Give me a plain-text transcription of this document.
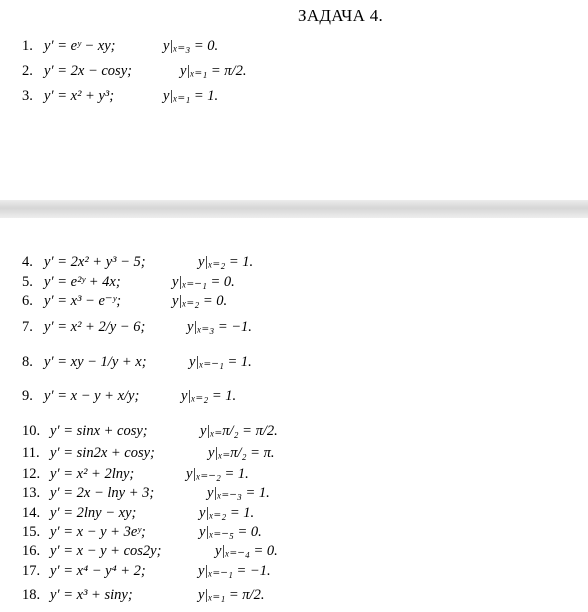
ЗАДАЧА 4.
1. y′ = eʸ − xy;	y|ₓ₌₃ = 0.
2. y′ = 2x − cosy;	y|ₓ₌₁ = π/2.
3. y′ = x² + y³;	y|ₓ₌₁ = 1.
4. y′ = 2x² + y³ − 5;	y|ₓ₌₂ = 1.
5. y′ = e²ʸ + 4x;	y|ₓ₌₋₁ = 0.
6. y′ = x³ − e⁻ʸ;	y|ₓ₌₂ = 0.
7. y′ = x² + 2/y − 6;	y|ₓ₌₃ = −1.
8. y′ = xy − 1/y + x;	y|ₓ₌₋₁ = 1.
9. y′ = x − y + x/y;	y|ₓ₌₂ = 1.
10. y′ = sinx + cosy;	y|ₓ₌π/₂ = π/2.
11. y′ = sin2x + cosy;	y|ₓ₌π/₂ = π.
12. y′ = x² + 2lny;	y|ₓ₌₋₂ = 1.
13. y′ = 2x − lny + 3;	y|ₓ₌₋₃ = 1.
14. y′ = 2lny − xy;	y|ₓ₌₂ = 1.
15. y′ = x − y + 3eʸ;	y|ₓ₌₋₅ = 0.
16. y′ = x − y + cos2y;	y|ₓ₌₋₄ = 0.
17. y′ = x⁴ − y⁴ + 2;	y|ₓ₌₋₁ = −1.
18. y′ = x³ + siny;	y|ₓ₌₁ = π/2.
